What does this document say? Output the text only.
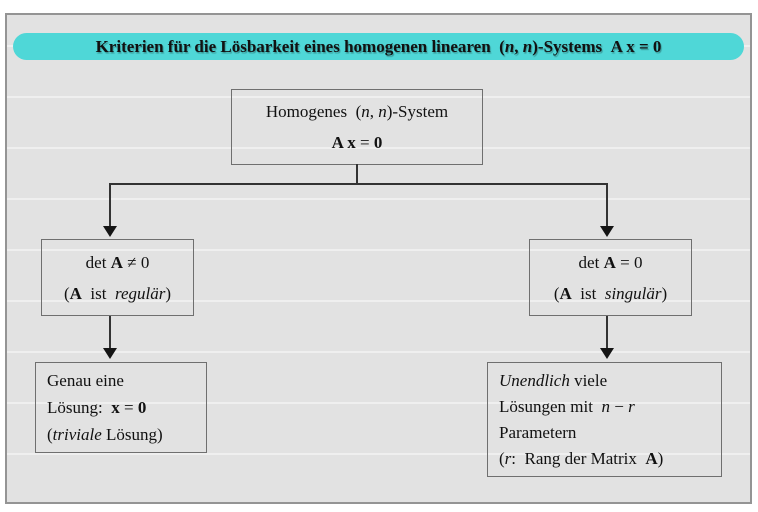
Kriterien für die Lösbarkeit eines homogenen linearen  ( n , n )-Systems A x = 0
Homogenes  (n, n)-System
A x = 0
det A ≠ 0
(A  ist  regulär)
det A = 0
(A  ist  singulär)
Genau eine
Lösung:  x = 0
(triviale Lösung)
Unendlich viele
Lösungen mit  n − r
Parametern
(r:  Rang der Matrix  A)
